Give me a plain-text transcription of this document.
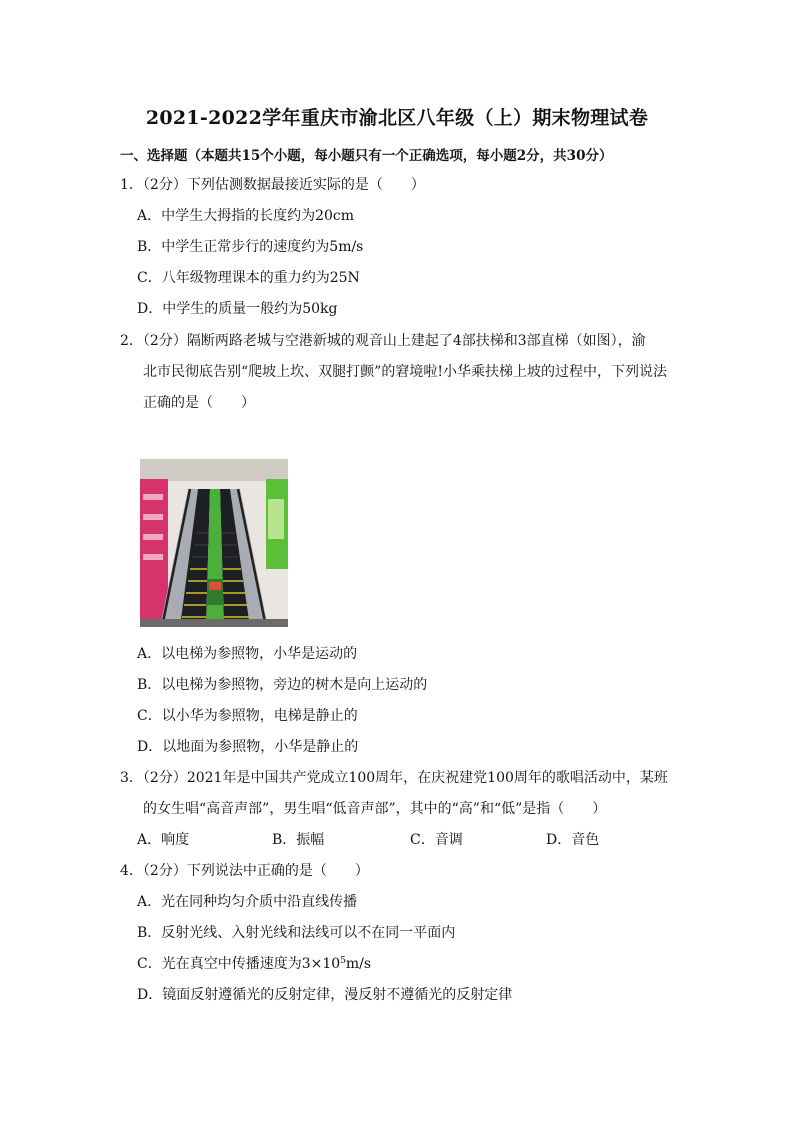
2021-2022学年重庆市渝北区八年级（上）期末物理试卷
一、选择题（本题共15个小题，每小题只有一个正确选项，每小题2分，共30分）
1．（2分）下列估测数据最接近实际的是（　　）
A．中学生大拇指的长度约为20cm
B．中学生正常步行的速度约为5m/s
C．八年级物理课本的重力约为25N
D．中学生的质量一般约为50kg
2．（2分）隔断两路老城与空港新城的观音山上建起了4部扶梯和3部直梯（如图），渝
北市民彻底告别“爬坡上坎、双腿打颤”的窘境啦!小华乘扶梯上坡的过程中，下列说法
正确的是（　　）
A．以电梯为参照物，小华是运动的
B．以电梯为参照物，旁边的树木是向上运动的
C．以小华为参照物，电梯是静止的
D．以地面为参照物，小华是静止的
3．（2分）2021年是中国共产党成立100周年，在庆祝建党100周年的歌唱活动中，某班
的女生唱“高音声部”，男生唱“低音声部”，其中的“高”和“低”是指（　　）
A．响度	B．振幅	C．音调	D．音色
4．（2分）下列说法中正确的是（　　）
A．光在同种均匀介质中沿直线传播
B．反射光线、入射光线和法线可以不在同一平面内
C．光在真空中传播速度为$3\times 10^5m/s$
D．镜面反射遵循光的反射定律，漫反射不遵循光的反射定律
